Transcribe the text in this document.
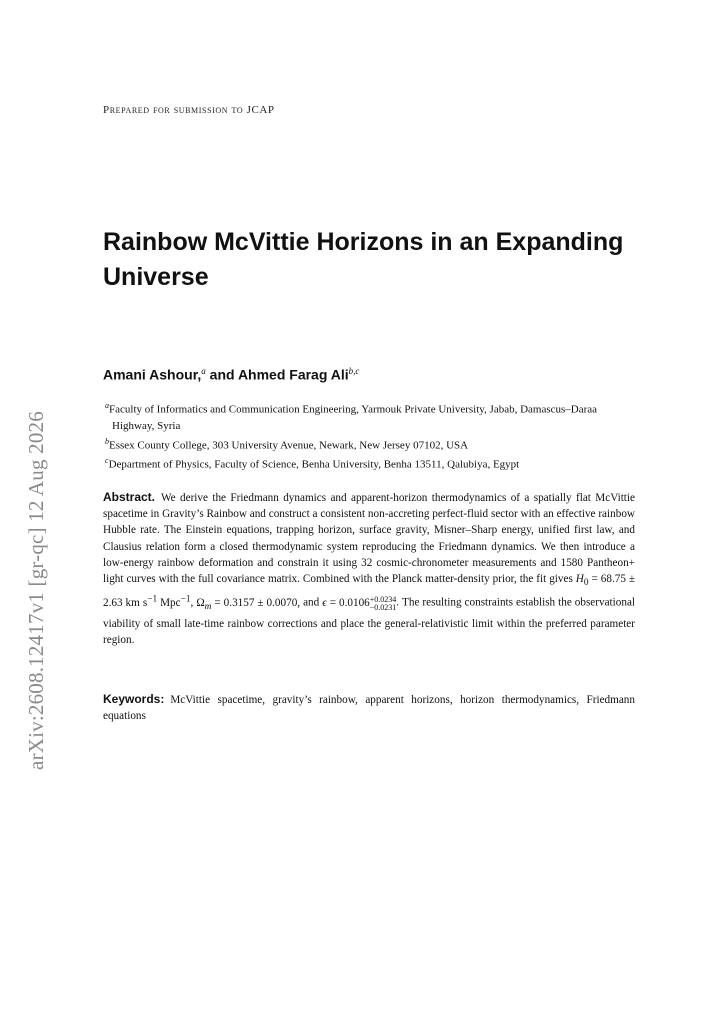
arXiv:2608.12417v1 [gr-qc] 12 Aug 2026
Prepared for submission to JCAP
Rainbow McVittie Horizons in an Expanding Universe
Amani Ashour,$^a$ and Ahmed Farag Ali$^{b,c}$
$^a$Faculty of Informatics and Communication Engineering, Yarmouk Private University, Jabab, Damascus–Daraa Highway, Syria
$^b$Essex County College, 303 University Avenue, Newark, New Jersey 07102, USA
$^c$Department of Physics, Faculty of Science, Benha University, Benha 13511, Qalubiya, Egypt
Abstract. We derive the Friedmann dynamics and apparent-horizon thermodynamics of a spatially flat McVittie spacetime in Gravity’s Rainbow and construct a consistent non-accreting perfect-fluid sector with an effective rainbow Hubble rate. The Einstein equations, trapping horizon, surface gravity, Misner–Sharp energy, unified first law, and Clausius relation form a closed thermodynamic system reproducing the Friedmann dynamics. We then introduce a low-energy rainbow deformation and constrain it using 32 cosmic-chronometer measurements and 1580 Pantheon+ light curves with the full covariance matrix. Combined with the Planck matter-density prior, the fit gives $H_0 = 68.75 \pm 2.63$ km $s^{-1}$ Mpc$^{-1}$, $\Omega_m = 0.3157 \pm 0.0070$, and ϵ = 0.0106 +0.0234
−0.0231 . The resulting constraints establish the observational viability of small late-time rainbow corrections and place the general-relativistic limit within the preferred parameter region.
Keywords: McVittie spacetime, gravity’s rainbow, apparent horizons, horizon thermodynamics, Friedmann equations
